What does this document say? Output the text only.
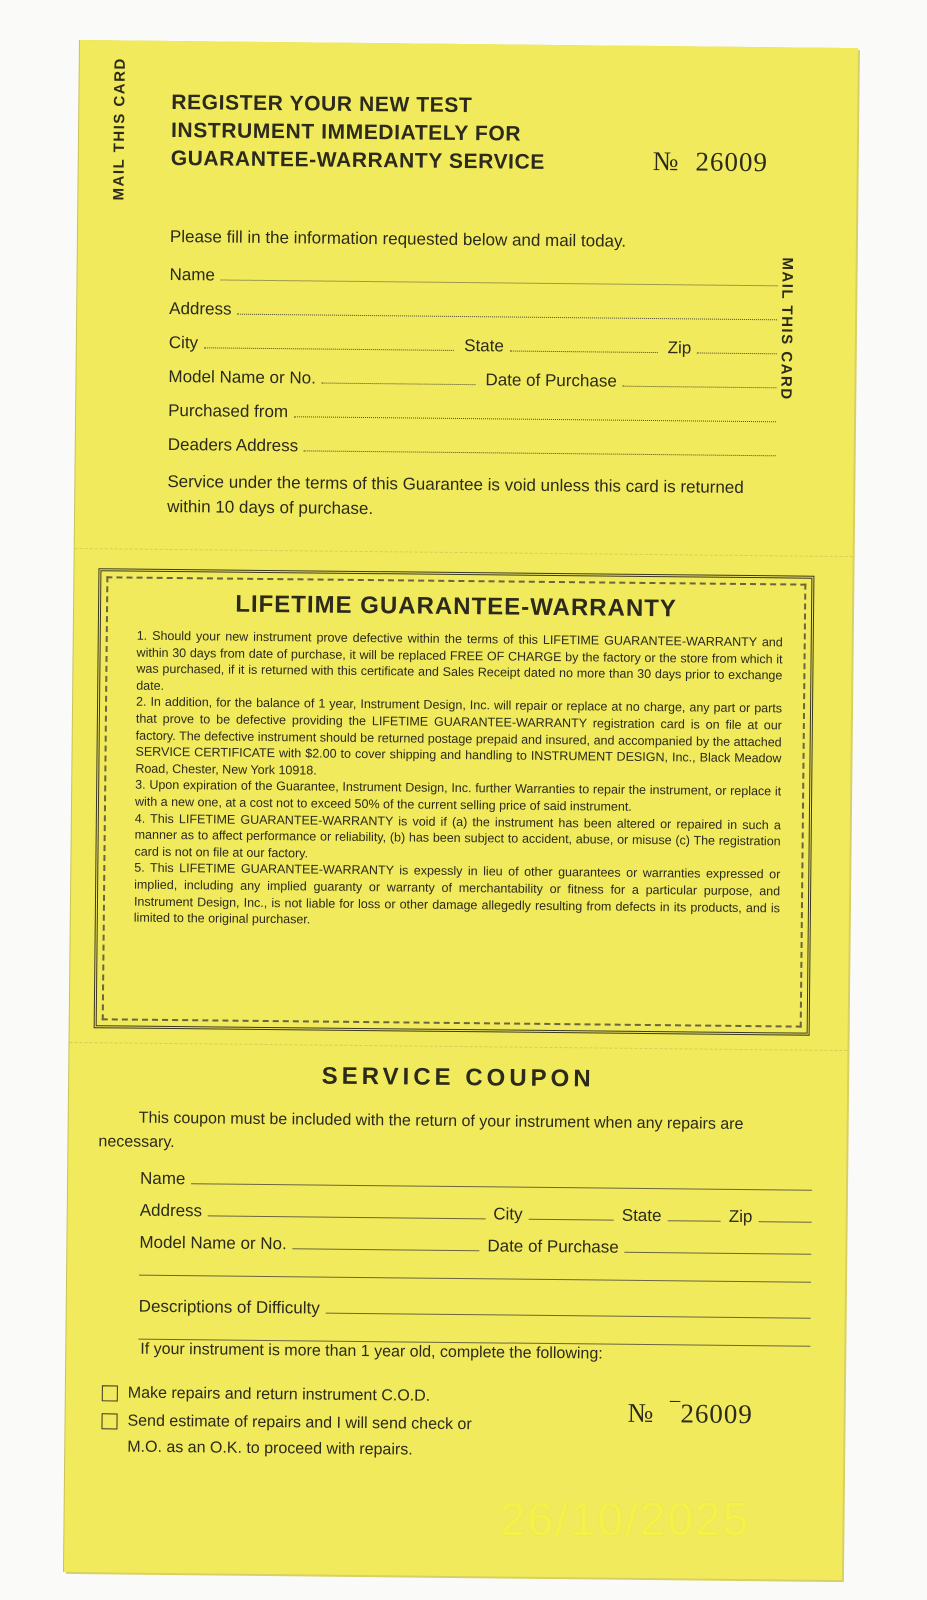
MAIL THIS CARD
MAIL THIS CARD
REGISTER YOUR NEW TEST INSTRUMENT IMMEDIATELY FOR GUARANTEE-WARRANTY SERVICE	№ 26009
Please fill in the information requested below and mail today.
Name
Address
City	State	Zip
Model Name or No.	Date of Purchase
Purchased from
Deaders Address
Service under the terms of this Guarantee is void unless this card is returned within 10 days of purchase.
LIFETIME GUARANTEE-WARRANTY

1. Should your new instrument prove defective within the terms of this LIFETIME GUARANTEE-WARRANTY and within 30 days from date of purchase, it will be replaced FREE OF CHARGE by the factory or the store from which it was purchased, if it is returned with this certificate and Sales Receipt dated no more than 30 days prior to exchange date.

2. In addition, for the balance of 1 year, Instrument Design, Inc. will repair or replace at no charge, any part or parts that prove to be defective providing the LIFETIME GUARANTEE-WARRANTY registration card is on file at our factory. The defective instrument should be returned postage prepaid and insured, and accompanied by the attached SERVICE CERTIFICATE with $2.00 to cover shipping and handling to INSTRUMENT DESIGN, Inc., Black Meadow Road, Chester, New York 10918.

3. Upon expiration of the Guarantee, Instrument Design, Inc. further Warranties to repair the instrument, or replace it with a new one, at a cost not to exceed 50% of the current selling price of said instrument.

4. This LIFETIME GUARANTEE-WARRANTY is void if (a) the instrument has been altered or repaired in such a manner as to affect performance or reliability, (b) has been subject to accident, abuse, or misuse (c) The registration card is not on file at our factory.

5. This LIFETIME GUARANTEE-WARRANTY is expessly in lieu of other guarantees or warranties expressed or implied, including any implied guaranty or warranty of merchantability or fitness for a particular purpose, and Instrument Design, Inc., is not liable for loss or other damage allegedly resulting from defects in its products, and is limited to the original purchaser.

SERVICE COUPON
This coupon must be included with the return of your instrument when any repairs are necessary.
Name
Address	City	State	Zip
Model Name or No.	Date of Purchase
Descriptions of Difficulty
If your instrument is more than 1 year old, complete the following:
Make repairs and return instrument C.O.D.
Send estimate of repairs and I will send check or M.O. as an O.K. to proceed with repairs.
№ ‾26009
26/10/2025
